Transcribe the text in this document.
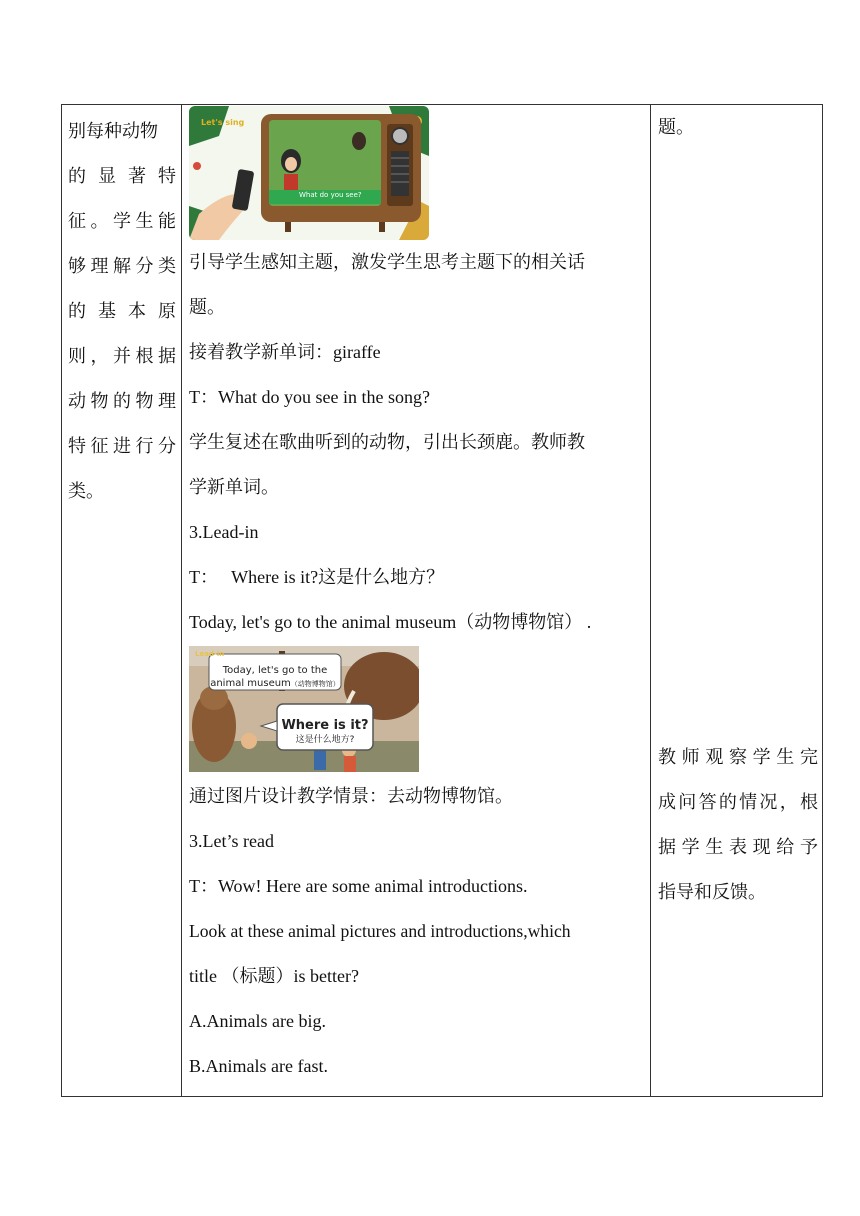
别每种动物
的 显 著 特
征 。 学 生 能
够 理 解 分 类
的 基 本 原
则 ， 并 根 据
动 物 的 物 理
特 征 进 行 分
类。
Let's sing
What do you see?
引导学生感知主题，激发学生思考主题下的相关话
题。
接着教学新单词：giraffe
T：What do you see in the song?
学生复述在歌曲听到的动物，引出长颈鹿。教师教
学新单词。
3.Lead-in
T：   Where is it?这是什么地方？
Today, let's go to the animal museum（动物博物馆） .
Lead-in
Today, let's go to the
animal museum（动物博物馆）
Where is it?
这是什么地方?
通过图片设计教学情景：去动物博物馆。
3.Let’s read
T：Wow! Here are some animal introductions.
Look at these animal pictures and introductions,which
title （标题）is better?
A.Animals are big.
B.Animals are fast.
题。
教 师 观 察 学 生 完
成 问 答 的 情 况 ， 根
据 学 生 表 现 给 予
指导和反馈。
